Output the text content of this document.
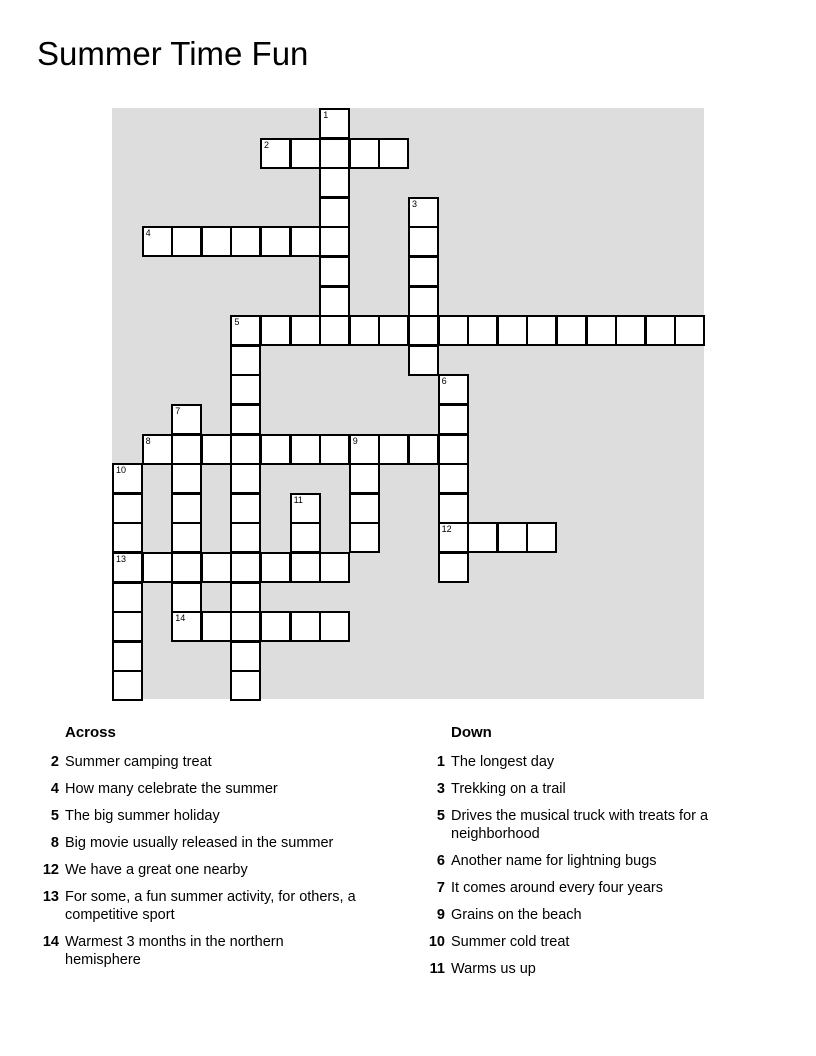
Summer Time Fun
1
2
3
4
5
6
12
7
8	9
10
13
11
14
Across
2 Summer camping treat
4 How many celebrate the summer
5 The big summer holiday
8 Big movie usually released in the summer
12 We have a great one nearby
13 For some, a fun summer activity, for others, a competitive sport
14 Warmest 3 months in the northern hemisphere
Down
1 The longest day
3 Trekking on a trail
5 Drives the musical truck with treats for a neighborhood
6 Another name for lightning bugs
7 It comes around every four years
9 Grains on the beach
10 Summer cold treat
11 Warms us up
